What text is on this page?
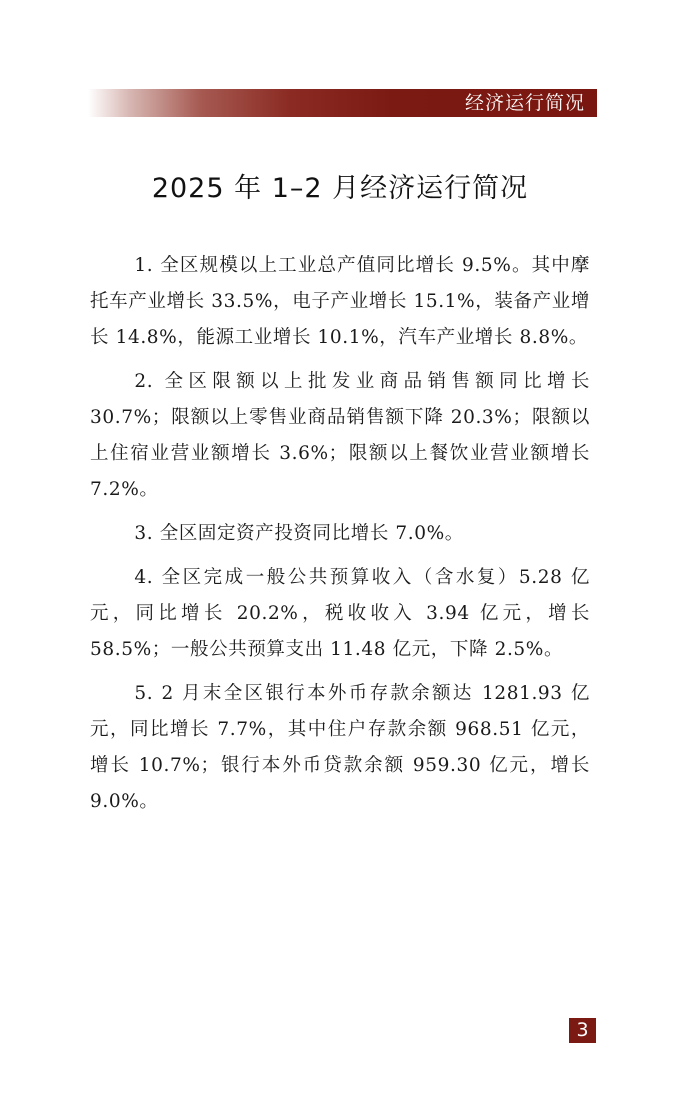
经济运行简况
2025 年 1–2 月经济运行简况

1. 全区规模以上工业总产值同比增长 9.5%。其中摩托车产业增长 33.5%，电子产业增长 15.1%，装备产业增长 14.8%，能源工业增长 10.1%，汽车产业增长 8.8%。

2. 全区限额以上批发业商品销售额同比增长 30.7%；限额以上零售业商品销售额下降 20.3%；限额以上住宿业营业额增长 3.6%；限额以上餐饮业营业额增长 7.2%。

3. 全区固定资产投资同比增长 7.0%。

4. 全区完成一般公共预算收入（含水复）5.28 亿元，同比增长 20.2%，税收收入 3.94 亿元，增长 58.5%；一般公共预算支出 11.48 亿元，下降 2.5%。

5. 2 月末全区银行本外币存款余额达 1281.93 亿元，同比增长 7.7%，其中住户存款余额 968.51 亿元，增长 10.7%；银行本外币贷款余额 959.30 亿元，增长 9.0%。

3
